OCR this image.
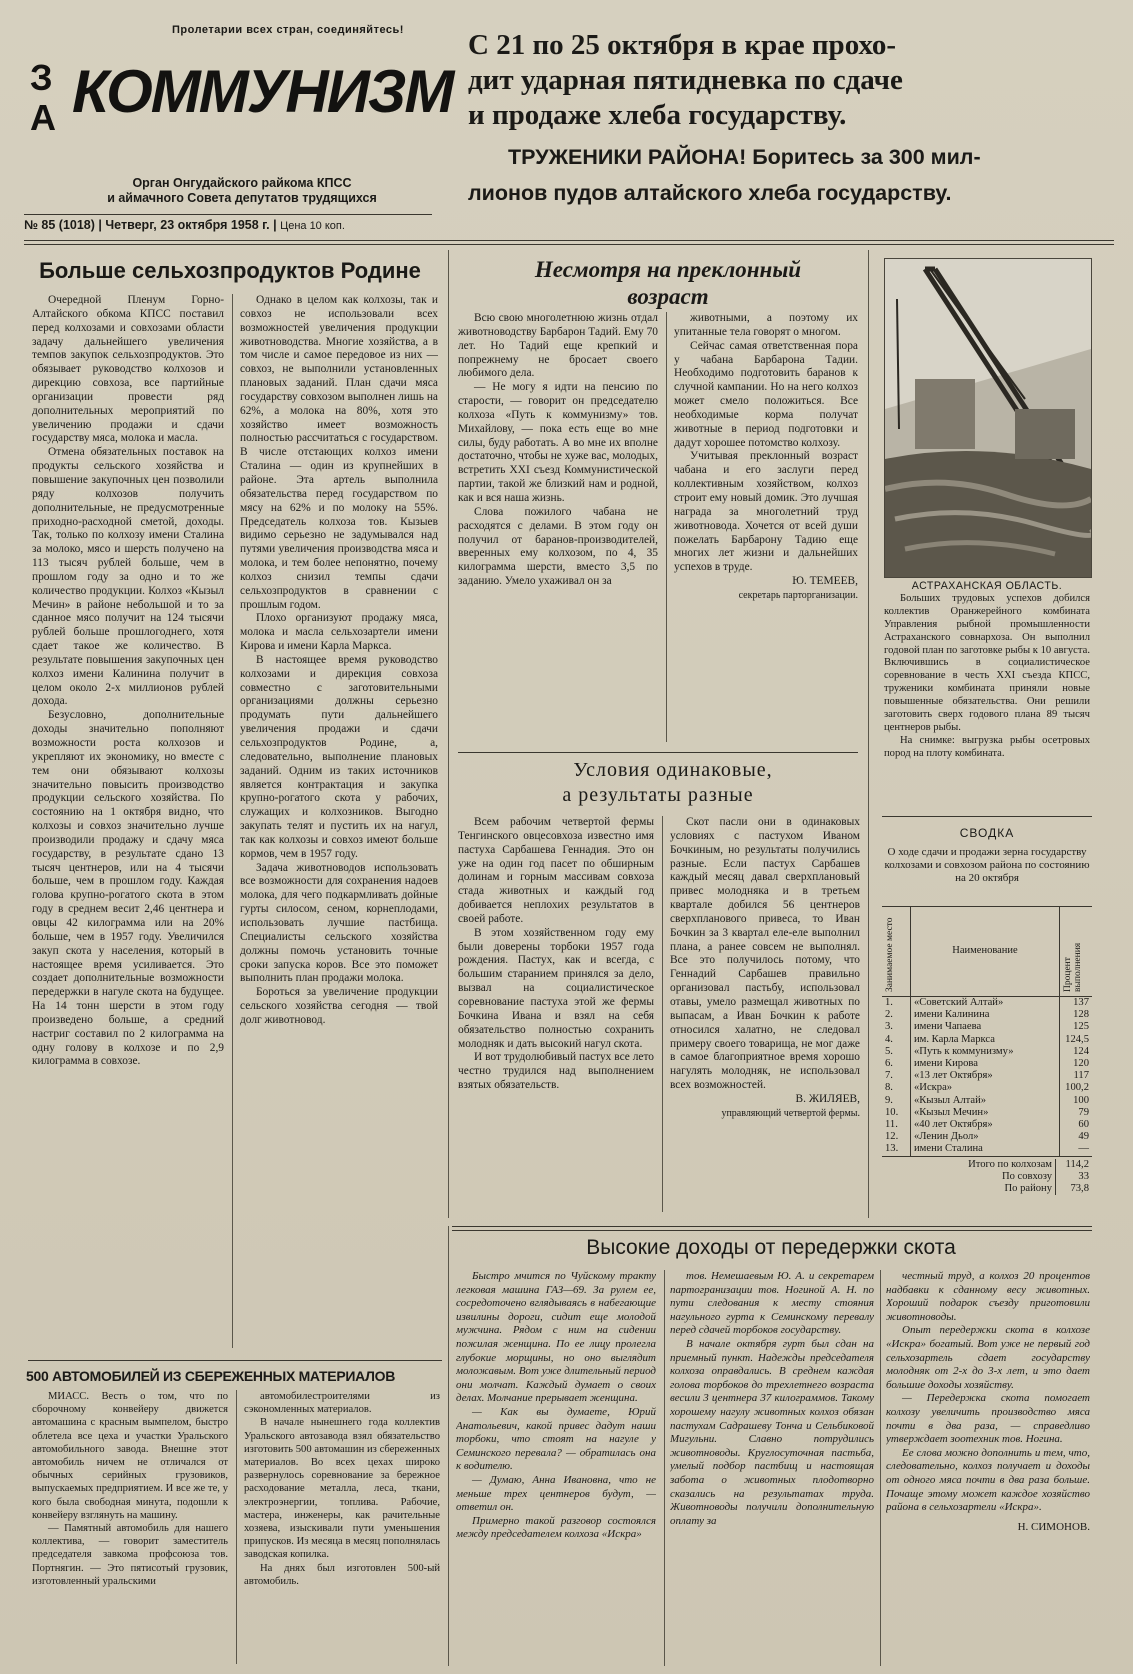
Пролетарии всех стран, соединяйтесь!
ЗА КОММУНИЗМ
Орган Онгудайского райкома КПСС
и аймачного Совета депутатов трудящихся
№ 85 (1018) | Четверг, 23 октября 1958 г. | Цена 10 коп.
С 21 по 25 октября в крае прохо-
дит ударная пятидневка по сдаче
и продаже хлеба государству.
ТРУЖЕНИКИ РАЙОНА! Боритесь за 300 мил-
лионов пудов алтайского хлеба государству.
Больше сельхозпродуктов Родине

Очередной Пленум Горно-Алтайского обкома КПСС поставил перед колхозами и совхозами области задачу дальнейшего увеличения темпов закупок сельхозпродуктов. Это обязывает руководство колхозов и дирекцию совхоза, все партийные организации провести ряд дополнительных мероприятий по увеличению продажи и сдачи государству мяса, молока и масла.

Отмена обязательных поставок на продукты сельского хозяйства и повышение закупочных цен позволили ряду колхозов получить дополнительные, не предусмотренные приходно-расходной сметой, доходы. Так, только по колхозу имени Сталина за молоко, мясо и шерсть получено на 113 тысяч рублей больше, чем в прошлом году за одно и то же количество продукции. Колхоз «Кызыл Мечин» в районе небольшой и то за сданное мясо получит на 124 тысячи рублей больше прошлогоднего, хотя сдает такое же количество. В результате повышения закупочных цен колхоз имени Калинина получит в целом около 2-х миллионов рублей дохода.

Безусловно, дополнительные доходы значительно пополняют возможности роста колхозов и укрепляют их экономику, но вместе с тем они обязывают колхозы значительно повысить производство продукции сельского хозяйства. По состоянию на 1 октября видно, что колхозы и совхоз значительно лучше производили продажу и сдачу мяса государству, в результате сдано 13 тысяч центнеров, или на 4 тысячи больше, чем в прошлом году. Каждая голова крупно-рогатого скота в этом году в среднем весит 2,46 центнера и овцы 42 килограмма или на 20% больше, чем в 1957 году. Увеличился закуп скота у населения, который в настоящее время усиливается. Это создает дополнительные возможности передержки в нагуле скота на будущее. На 14 тонн шерсти в этом году произведено больше, а средний настриг составил по 2 килограмма на одну голову в колхозе и по 2,9 килограмма в совхозе.

Однако в целом как колхозы, так и совхоз не использовали всех возможностей увеличения продукции животноводства. Многие хозяйства, а в том числе и самое передовое из них — совхоз, не выполнили установленных плановых заданий. План сдачи мяса государству совхозом выполнен лишь на 62%, а молока на 80%, хотя это хозяйство имеет возможность полностью рассчитаться с государством. В числе отстающих колхоз имени Сталина — один из крупнейших в районе. Эта артель выполнила обязательства перед государством по мясу на 62% и по молоку на 55%. Председатель колхоза тов. Кызыев видимо серьезно не задумывался над путями увеличения производства мяса и молока, и тем более непонятно, почему колхоз снизил темпы сдачи сельхозпродуктов в сравнении с прошлым годом.

Плохо организуют продажу мяса, молока и масла сельхозартели имени Кирова и имени Карла Маркса.

В настоящее время руководство колхозами и дирекция совхоза совместно с заготовительными организациями должны серьезно продумать пути дальнейшего увеличения продажи и сдачи сельхозпродуктов Родине, а, следовательно, выполнение плановых заданий. Одним из таких источников является контрактация и закупка крупно-рогатого скота у рабочих, служащих и колхозников. Выгодно закупать телят и пустить их на нагул, так как колхозы и совхоз имеют больше кормов, чем в 1957 году.

Задача животноводов использовать все возможности для сохранения надоев молока, для чего подкармливать дойные гурты силосом, сеном, корнеплодами, использовать лучшие пастбища. Специалисты сельского хозяйства должны помочь установить точные сроки запуска коров. Все это поможет выполнить план продажи молока.

Бороться за увеличение продукции сельского хозяйства сегодня — твой долг животновод.

Несмотря на преклонный
возраст

Всю свою многолетнюю жизнь отдал животноводству Барбарон Тадий. Ему 70 лет. Но Тадий еще крепкий и попрежнему не бросает своего любимого дела.

— Не могу я идти на пенсию по старости, — говорит он председателю колхоза «Путь к коммунизму» тов. Михайлову, — пока есть еще во мне силы, буду работать. А во мне их вполне достаточно, чтобы не хуже вас, молодых, встретить XXI съезд Коммунистической партии, такой же близкий нам и родной, как и вся наша жизнь.

Слова пожилого чабана не расходятся с делами. В этом году он получил от баранов-производителей, вверенных ему колхозом, по 4, 35 килограмма шерсти, вместо 3,5 по заданию. Умело ухаживал он за

животными, а поэтому их упитанные тела говорят о многом.

Сейчас самая ответственная пора у чабана Барбарона Тадии. Необходимо подготовить баранов к случной кампании. Но на него колхоз может смело положиться. Все необходимые корма получат животные в период подготовки и дадут хорошее потомство колхозу.

Учитывая преклонный возраст чабана и его заслуги перед коллективным хозяйством, колхоз строит ему новый домик. Это лучшая награда за многолетний труд животновода. Хочется от всей души пожелать Барбарону Тадию еще многих лет жизни и дальнейших успехов в труде.

Ю. ТЕМЕЕВ,

секретарь парторганизации.

АСТРАХАНСКАЯ ОБЛАСТЬ.

Больших трудовых успехов добился коллектив Оранжерейного комбината Управления рыбной промышленности Астраханского совнархоза. Он выполнил годовой план по заготовке рыбы к 10 августа. Включившись в социалистическое соревнование в честь XXI съезда КПСС, труженики комбината приняли новые повышенные обязательства. Они решили заготовить сверх годового плана 89 тысяч центнеров рыбы.

На снимке: выгрузка рыбы осетровых пород на плоту комбината.

СВОДКА
О ходе сдачи и продажи зерна государству колхозами и совхозом района по состоянию на 20 октября
Занимаемое место	Наименование	Процент выполнения

1.	«Советский Алтай»	137
2.	имени Калинина	128
3.	имени Чапаева	125
4.	им. Карла Маркса	124,5
5.	«Путь к коммунизму»	124
6.	имени Кирова	120
7.	«13 лет Октября»	117
8.	«Искра»	100,2
9.	«Кызыл Алтай»	100
10.	«Кызыл Мечин»	79
11.	«40 лет Октября»	60
12.	«Ленин Дьол»	49
13.	имени Сталина	—
Итого по колхозам	114,2
По совхозу	33
По району	73,8
Условия одинаковые,
а результаты разные

Всем рабочим четвертой фермы Тенгинского овцесовхоза известно имя пастуха Сарбашева Геннадия. Это он уже на один год пасет по обширным долинам и горным массивам совхоза стада животных и каждый год добивается неплохих результатов в своей работе.

В этом хозяйственном году ему были доверены торбоки 1957 года рождения. Пастух, как и всегда, с большим старанием принялся за дело, вызвал на социалистическое соревнование пастуха этой же фермы Бочкина Ивана и взял на себя обязательство полностью сохранить молодняк и дать высокий нагул скота.

И вот трудолюбивый пастух все лето честно трудился над выполнением взятых обязательств.

Скот пасли они в одинаковых условиях с пастухом Иваном Бочкиным, но результаты получились разные. Если пастух Сарбашев каждый месяц давал сверхплановый привес молодняка и в третьем квартале добился 56 центнеров сверхпланового привеса, то Иван Бочкин за 3 квартал еле-еле выполнил плана, а ранее совсем не выполнял. Все это получилось потому, что Геннадий Сарбашев правильно организовал пастьбу, использовал отавы, умело размещал животных по выпасам, а Иван Бочкин к работе относился халатно, не следовал примеру своего товарища, не мог даже в самое благоприятное время хорошо нагулять молодняк, не использовал всех возможностей.

В. ЖИЛЯЕВ,

управляющий четвертой фермы.

500 АВТОМОБИЛЕЙ ИЗ СБЕРЕЖЕННЫХ МАТЕРИАЛОВ

МИАСС. Весть о том, что по сборочному конвейеру движется автомашина с красным вымпелом, быстро облетела все цеха и участки Уральского автомобильного завода. Внешне этот автомобиль ничем не отличался от обычных серийных грузовиков, выпускаемых предприятием. И все же те, у кого была свободная минута, подошли к конвейеру взглянуть на машину.

— Памятный автомобиль для нашего коллектива, — говорит заместитель председателя завкома профсоюза тов. Портнягин. — Это пятисотый грузовик, изготовленный уральскими

автомобилестроителями из сэкономленных материалов.

В начале нынешнего года коллектив Уральского автозавода взял обязательство изготовить 500 автомашин из сбереженных материалов. Во всех цехах широко развернулось соревнование за бережное расходование металла, леса, ткани, электроэнергии, топлива. Рабочие, мастера, инженеры, как рачительные хозяева, изыскивали пути уменьшения припусков. Из месяца в месяц пополнялась заводская копилка.

На днях был изготовлен 500-ый автомобиль.

Высокие доходы от передержки скота

Быстро мчится по Чуйскому тракту легковая машина ГАЗ—69. За рулем ее, сосредоточено вглядываясь в набегающие извилины дороги, сидит еще молодой мужчина. Рядом с ним на сидении пожилая женщина. По ее лицу пролегла глубокие морщины, но оно выглядит моложавым. Вот уже длительный период они молчат. Каждый думает о своих делах. Молчание прерывает женщина.

— Как вы думаете, Юрий Анатольевич, какой привес дадут наши торбоки, что стоят на нагуле у Семинского перевала? — обратилась она к водителю.

— Думаю, Анна Ивановна, что не меньше трех центнеров будут, — ответил он.

Примерно такой разговор состоялся между председателем колхоза «Искра»

тов. Немешаевым Ю. А. и секретарем партогранизации тов. Ногиной А. Н. по пути следования к месту стояния нагульного гурта к Семинскому перевалу перед сдачей торбоков государству.

В начале октября гурт был сдан на приемный пункт. Надежды председателя колхоза оправдались. В среднем каждая голова торбоков до трехлетнего возраста весили 3 центнера 37 килограммов. Такому хорошему нагулу животных колхоз обязан пастухам Садрашеву Тонча и Сельбиковой Мигульни. Славно потрудились животноводы. Круглосуточная пастьба, умелый подбор пастбищ и настоящая забота о животных плодотворно сказались на результатах труда. Животноводы получили дополнительную оплату за

честный труд, а колхоз 20 процентов надбавки к сданному весу животных. Хороший подарок съезду приготовили животноводы.

Опыт передержки скота в колхозе «Искра» богатый. Вот уже не первый год сельхозартель сдает государству молодняк от 2-х до 3-х лет, и это дает большие доходы хозяйству.

— Передержка скота помогает колхозу увеличить производство мяса почти в два раза, — справедливо утверждает зоотехник тов. Ногина.

Ее слова можно дополнить и тем, что, следовательно, колхоз получает и доходы от одного мяса почти в два раза больше. Почаще этому может каждое хозяйство района в сельхозартели «Искра».

Н. СИМОНОВ.
